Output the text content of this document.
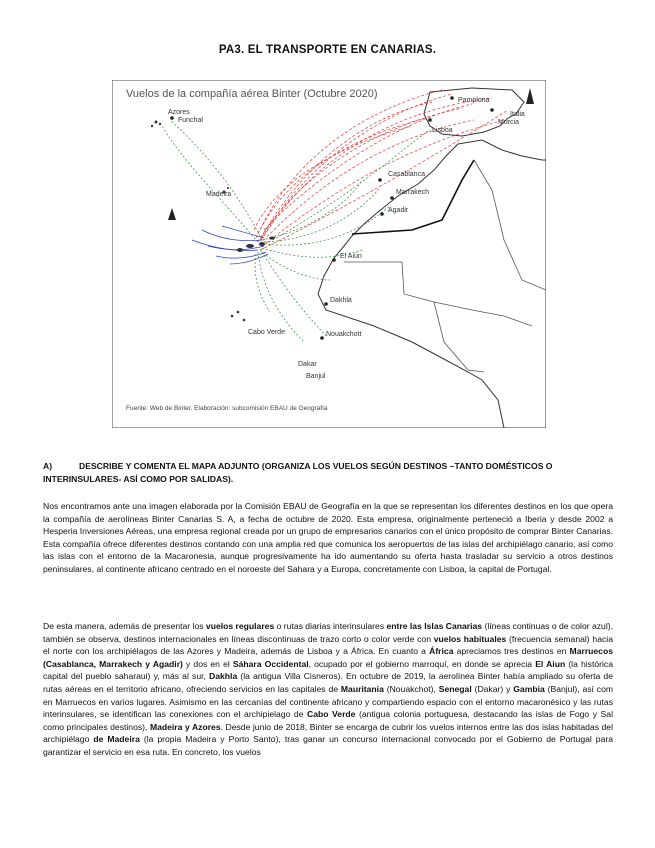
PA3. EL TRANSPORTE EN CANARIAS.
Vuelos de la compañía aérea Binter (Octubre 2020)
Azores
Funchal
Lisboa
Pamplona
Murcia
Italia
Madeira
Casablanca
Marrakech
Agadir
El Aiún
Dakhla
Nouakchott
Dakar
Banjul
Cabo Verde
Fuente: Web de Binter. Elaboración: subcomisión EBAU de Geografía
A)	DESCRIBE Y COMENTA EL MAPA ADJUNTO (ORGANIZA LOS VUELOS SEGÚN DESTINOS –TANTO DOMÉSTICOS O INTERINSULARES- ASÍ COMO POR SALIDAS).

Nos encontramos ante una imagen elaborada por la Comisión EBAU de Geografía en la que se representan los diferentes destinos en los que opera la compañía de aerolíneas Binter Canarias S. A, a fecha de octubre de 2020. Esta empresa, originalmente perteneció a Iberia y desde 2002 a Hesperia Inversiones Aéreas, una empresa regional creada por un grupo de empresarios canarios con el único propósito de comprar Binter Canarias. Esta compañía ofrece diferentes destinos contando con una amplia red que comunica los aeropuertos de las islas del archipiélago canario, así como las islas con el entorno de la Macaronesia, aunque progresivamente ha ido aumentando su oferta hasta trasladar su servicio a otros destinos peninsulares, al continente africano centrado en el noroeste del Sahara y a Europa, concretamente con Lisboa, la capital de Portugal.

De esta manera, además de presentar los vuelos regulares o rutas diarias interinsulares entre las Islas Canarias (líneas continuas o de color azul), también se observa, destinos internacionales en líneas discontinuas de trazo corto o color verde con vuelos habituales (frecuencia semanal) hacia el norte con los archipiélagos de las Azores y Madeira, además de Lisboa y a África. En cuanto a África apreciamos tres destinos en Marruecos (Casablanca, Marrakech y Agadir) y dos en el Sáhara Occidental, ocupado por el gobierno marroquí, en donde se aprecia El Aiun (la histórica capital del pueblo saharaui) y, más al sur, Dakhla (la antigua Villa Cisneros). En octubre de 2019, la aerolínea Binter había ampliado su oferta de rutas aéreas en el territorio africano, ofreciendo servicios en las capitales de Mauritania (Nouakchot), Senegal (Dakar) y Gambia (Banjul), así com en Marruecos en varios lugares. Asimismo en las cercanías del continente africano y compartiendo espacio con el entorno macaronésico y las rutas interinsulares, se identifican las conexiones con el archipielago de Cabo Verde (antigua colonia portuguesa, destacando las islas de Fogo y Sal como principales destinos), Madeira y Azores. Desde junio de 2018, Binter se encarga de cubrir los vuelos internos entre las dos islas habitadas del archipiélago de Madeira (la propia Madeira y Porto Santo), tras ganar un concurso internacional convocado por el Gobierno de Portugal para garantizar el servicio en esa ruta. En concreto, los vuelos
